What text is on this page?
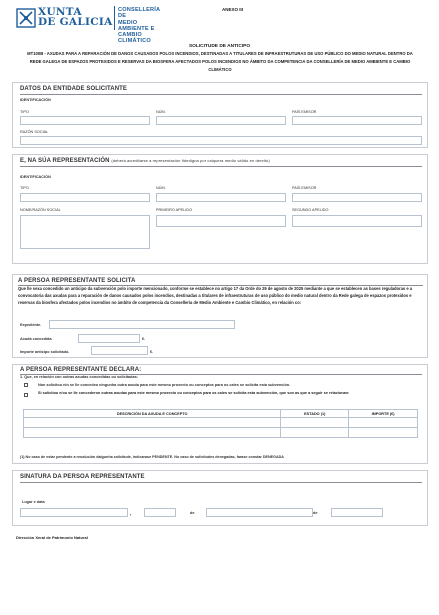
XUNTA
DE GALICIA
CONSELLERÍA DE
MEDIO AMBIENTE E
CAMBIO CLIMÁTICO
ANEXO III
SOLICITUDE DE ANTICIPO
MT100B - AXUDAS PARA A REPARACIÓN DE DANOS CAUSADOS POLOS INCENDIOS, DESTINADAS A TITULARES DE INFRAESTRUTURAS DE USO PÚBLICO DO MEDIO NATURAL DENTRO DA REDE GALEGA DE ESPAZOS PROTEXIDOS E RESERVAS DA BIOSFERA AFECTADOS POLOS INCENDIOS NO ÁMBITO DA COMPETENCIA DA CONSELLERÍA DE MEDIO AMBIENTE E CAMBIO CLIMÁTICO
DATOS DA ENTIDADE SOLICITANTE
IDENTIFICACIÓN
TIPO	NÚM.	PAÍS EMISOR
RAZÓN SOCIAL
E, NA SÚA REPRESENTACIÓN (deberá acreditarse a representación fidedigna por calquera medio válido en dereito)
IDENTIFICACIÓN
TIPO	NÚM.	PAÍS EMISOR
NOME/RAZÓN SOCIAL	PRIMEIRO APELIDO	SEGUNDO APELIDO
A PERSOA REPRESENTANTE SOLICITA
Que lle sexa concedido un anticipo da subvención polo importe mencionado, conforme se establece no artigo 17 da Orde do 29 de agosto de 2025 mediante a que se establecen as bases reguladoras e a convocatoria das axudas para a reparación de danos causados polos incendios, destinadas a titulares de infraestruturas de uso público do medio natural dentro da Rede galega de espazos protexidos e reservas da biosfera afectados polos incendios no ámbito de competencia da Consellería de Medio Ambiente e Cambio Climático, en relación co:
Expediente.
Axuda concedida.	€.
Importe anticipo solicitado.	€.
A PERSOA REPRESENTANTE DECLARA:
1. Que, en relación con outras axudas concedidas ou solicitadas:
Non solicitou nin se lle concedeu ningunha outra axuda para este mesmo proxecto ou conceptos para os cales se solicita esta subvención.
Si solicitou e/ou se lle concederon outras axudas para este mesmo proxecto ou conceptos para os cales se solicita esta subvención, que son as que a seguir se relacionan:
DESCRICIÓN DA AXUDA E CONCEPTO	ESTADO (1)	IMPORTE (€)

(1) No caso de estar pendente a resolución dalgunha solicitude, indicarase PENDENTE. No caso de solicitudes denegadas, farase constar DENEGADA
SINATURA DA PERSOA REPRESENTANTE
Lugar e data
,	de	de
Dirección Xeral de Patrimonio Natural
